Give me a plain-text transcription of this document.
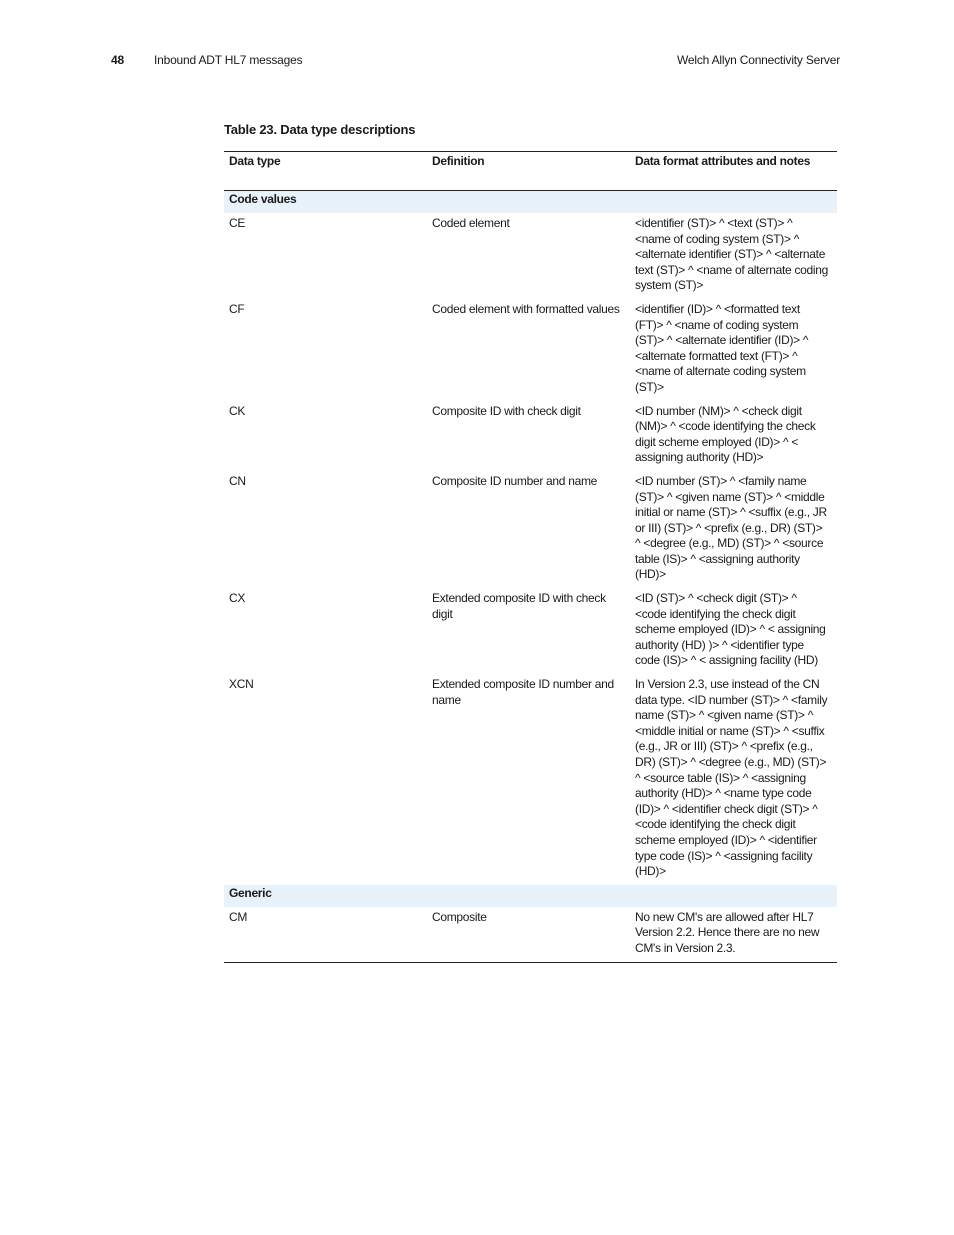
48	Inbound ADT HL7 messages	Welch Allyn Connectivity Server
Table 23. Data type descriptions
Data type	Definition	Data format attributes and notes
Code values		
CE	Coded element	<identifier (ST)> ^ <text (ST)> ^ <name of coding system (ST)> ^ <alternate identifier (ST)> ^ <alternate text (ST)> ^ <name of alternate coding system (ST)>
CF	Coded element with formatted values	<identifier (ID)> ^ <formatted text (FT)> ^ <name of coding system (ST)> ^ <alternate identifier (ID)> ^ <alternate formatted text (FT)> ^ <name of alternate coding system (ST)>
CK	Composite ID with check digit	<ID number (NM)> ^ <check digit (NM)> ^ <code identifying the check digit scheme employed (ID)> ^ < assigning authority (HD)>
CN	Composite ID number and name	<ID number (ST)> ^ <family name (ST)> ^ <given name (ST)> ^ <middle initial or name (ST)> ^ <suffix (e.g., JR or III) (ST)> ^ <prefix (e.g., DR) (ST)> ^ <degree (e.g., MD) (ST)> ^ <source table (IS)> ^ <assigning authority (HD)>
CX	Extended composite ID with check digit	<ID (ST)> ^ <check digit (ST)> ^ <code identifying the check digit scheme employed (ID)> ^ < assigning authority (HD) )> ^ <identifier type code (IS)> ^ < assigning facility (HD)
XCN	Extended composite ID number and name	In Version 2.3, use instead of the CN data type. <ID number (ST)> ^ <family name (ST)> ^ <given name (ST)> ^ <middle initial or name (ST)> ^ <suffix (e.g., JR or III) (ST)> ^ <prefix (e.g., DR) (ST)> ^ <degree (e.g., MD) (ST)> ^ <source table (IS)> ^ <assigning authority (HD)> ^ <name type code (ID)> ^ <identifier check digit (ST)> ^ <code identifying the check digit scheme employed (ID)> ^ <identifier type code (IS)> ^ <assigning facility (HD)>
Generic		
CM	Composite	No new CM's are allowed after HL7 Version 2.2. Hence there are no new CM's in Version 2.3.
